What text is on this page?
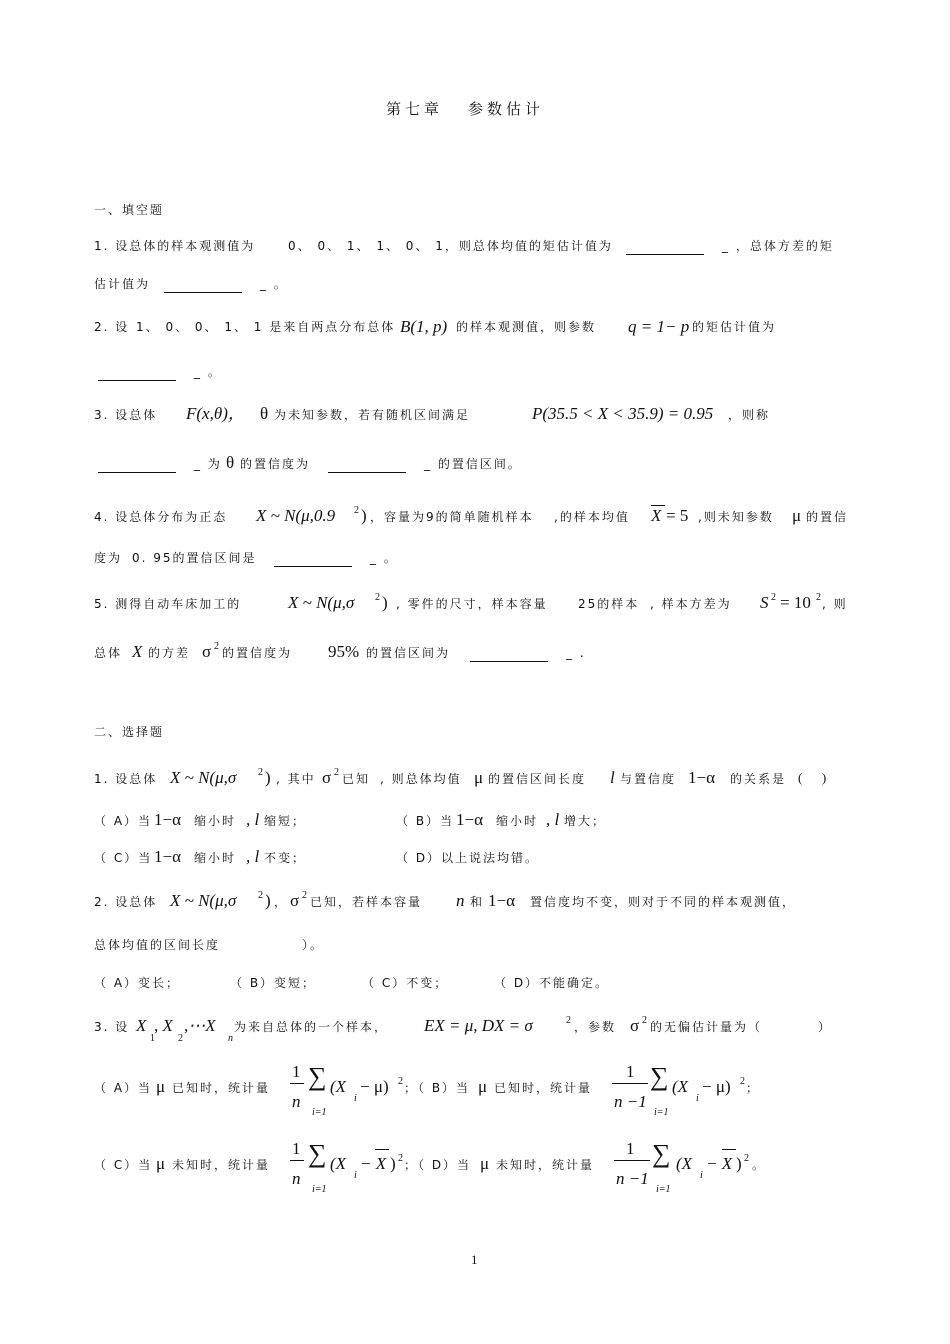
第七章 参数估计
一、填空题
1. 设总体的样本观测值为	0、 0、 1、 1、 0、 1，则总体均值的矩估计值为	_ ，总体方差的矩
估计值为	_ 。
2. 设 1、 0、 0、 1、 1 是来自两点分布总体 B(1, p) 的样本观测值，则参数 q = 1− p 的矩估计值为
_ 。
3. 设总体 F(x,θ)， θ 为未知参数，若有随机区间满足	P(35.5 < X < 35.9) = 0.95 ，则称
_ 为 θ 的置信度为	_ 的置信区间。
4. 设总体分布为正态 X ~ N(μ,0.9 2 ) ，容量为 9的简单随机样本 ,的样本均值 X = 5 ,则未知参数 μ 的置信
度为 0. 95的置信区间是	_ 。
5. 测得自动车床加工的	X ~ N(μ,σ 2 ) , 零件的尺寸，样本容量	25的样本 , 样本方差为 S 2 = 10 2 , 则
总体 X 的方差 σ 2 的置信度为 95% 的置信区间为	_ .
二、选择题
1. 设总体 X ~ N(μ,σ 2 ) , 其中 σ 2 已知 , 则总体均值 μ 的置信区间长度 l 与置信度 1−α 的关系是 (      )
（ A）当 1−α 缩小时 , l 缩短；	（ B）当 1−α 缩小时 , l 增大；
（ C）当 1−α 缩小时 , l 不变；	（ D）以上说法均错。
2. 设总体 X ~ N(μ,σ 2 ) ， σ 2 已知，若样本容量 n 和 1−α 置信度均不变，则对于不同的样本观测值，
总体均值的区间长度	）。
（ A）变长；	（ B）变短；	（ C）不变；	（ D）不能确定。
3. 设 X
1
, X
2
,⋯X
n
为来自总体的一个样本， EX = μ, DX = σ	2 ，参数 σ 2 的无偏估计量为（	）
（ A）当 μ 已知时，统计量
1
n
∑
i=1
(X
i
− μ) 2 ；（ B）当 μ 已知时，统计量
1
n −1
∑
i=1
(X
i
− μ) 2 ；
（ C）当 μ 未知时，统计量
1
n
∑
i=1
(X
i
− X ) 2 ；（ D）当 μ 未知时，统计量
1
n −1
∑
i=1
(X
i
− X ) 2 。
1
